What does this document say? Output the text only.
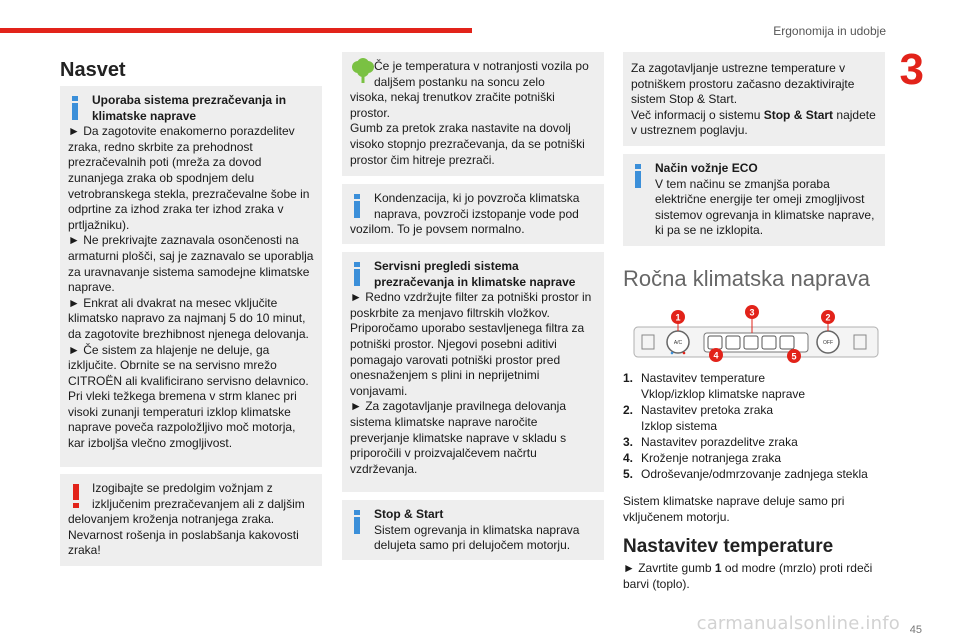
Ergonomija in udobje
3
Nasvet
Uporaba sistema prezračevanja in klimatske naprave
► Da zagotovite enakomerno porazdelitev zraka, redno skrbite za prehodnost prezračevalnih poti (mreža za dovod zunanjega zraka ob spodnjem delu vetrobranskega stekla, prezračevalne šobe in odprtine za izhod zraka ter izhod zraka v prtljažniku).
► Ne prekrivajte zaznavala osončenosti na armaturni plošči, saj je zaznavalo se uporablja za uravnavanje sistema samodejne klimatske naprave.
► Enkrat ali dvakrat na mesec vključite klimatsko napravo za najmanj 5 do 10 minut, da zagotovite brezhibnost njenega delovanja.
► Če sistem za hlajenje ne deluje, ga izključite. Obrnite se na servisno mrežo CITROËN ali kvalificirano servisno delavnico.
Pri vleki težkega bremena v strm klanec pri visoki zunanji temperaturi izklop klimatske naprave poveča razpoložljivo moč motorja, kar izboljša vlečno zmogljivost.
Izogibajte se predolgim vožnjam z izključenim prezračevanjem ali z daljšim
delovanjem kroženja notranjega zraka. Nevarnost rošenja in poslabšanja kakovosti zraka!
Če je temperatura v notranjosti vozila po daljšem postanku na soncu zelo
visoka, nekaj trenutkov zračite potniški prostor.
Gumb za pretok zraka nastavite na dovolj visoko stopnjo prezračevanja, da se potniški prostor čim hitreje prezrači.
Kondenzacija, ki jo povzroča klimatska naprava, povzroči izstopanje vode pod
vozilom. To je povsem normalno.
Servisni pregledi sistema prezračevanja in klimatske naprave
► Redno vzdržujte filter za potniški prostor in poskrbite za menjavo filtrskih vložkov.
Priporočamo uporabo sestavljenega filtra za potniški prostor. Njegovi posebni aditivi pomagajo varovati potniški prostor pred onesnaženjem s plini in neprijetnimi vonjavami.
► Za zagotavljanje pravilnega delovanja sistema klimatske naprave naročite preverjanje klimatske naprave v skladu s priporočili v proizvajalčevem načrtu vzdrževanja.
Stop & Start
Sistem ogrevanja in klimatska naprava delujeta samo pri delujočem motorju.
Za zagotavljanje ustrezne temperature v potniškem prostoru začasno dezaktivirajte sistem Stop & Start.
Več informacij o sistemu Stop & Start najdete v ustreznem poglavju.
Način vožnje ECO
V tem načinu se zmanjša poraba električne energije ter omeji zmogljivost sistemov ogrevanja in klimatske naprave, ki pa se ne izklopita.
Ročna klimatska naprava
A/C	OFF
1	2
3
4	5
1. Nastavitev temperature
Vklop/izklop klimatske naprave
2. Nastavitev pretoka zraka
Izklop sistema
3. Nastavitev porazdelitve zraka
4. Kroženje notranjega zraka
5. Odroševanje/odmrzovanje zadnjega stekla
Sistem klimatske naprave deluje samo pri vključenem motorju.
Nastavitev temperature
► Zavrtite gumb 1 od modre (mrzlo) proti rdeči barvi (toplo).
carmanualsonline.info 45
